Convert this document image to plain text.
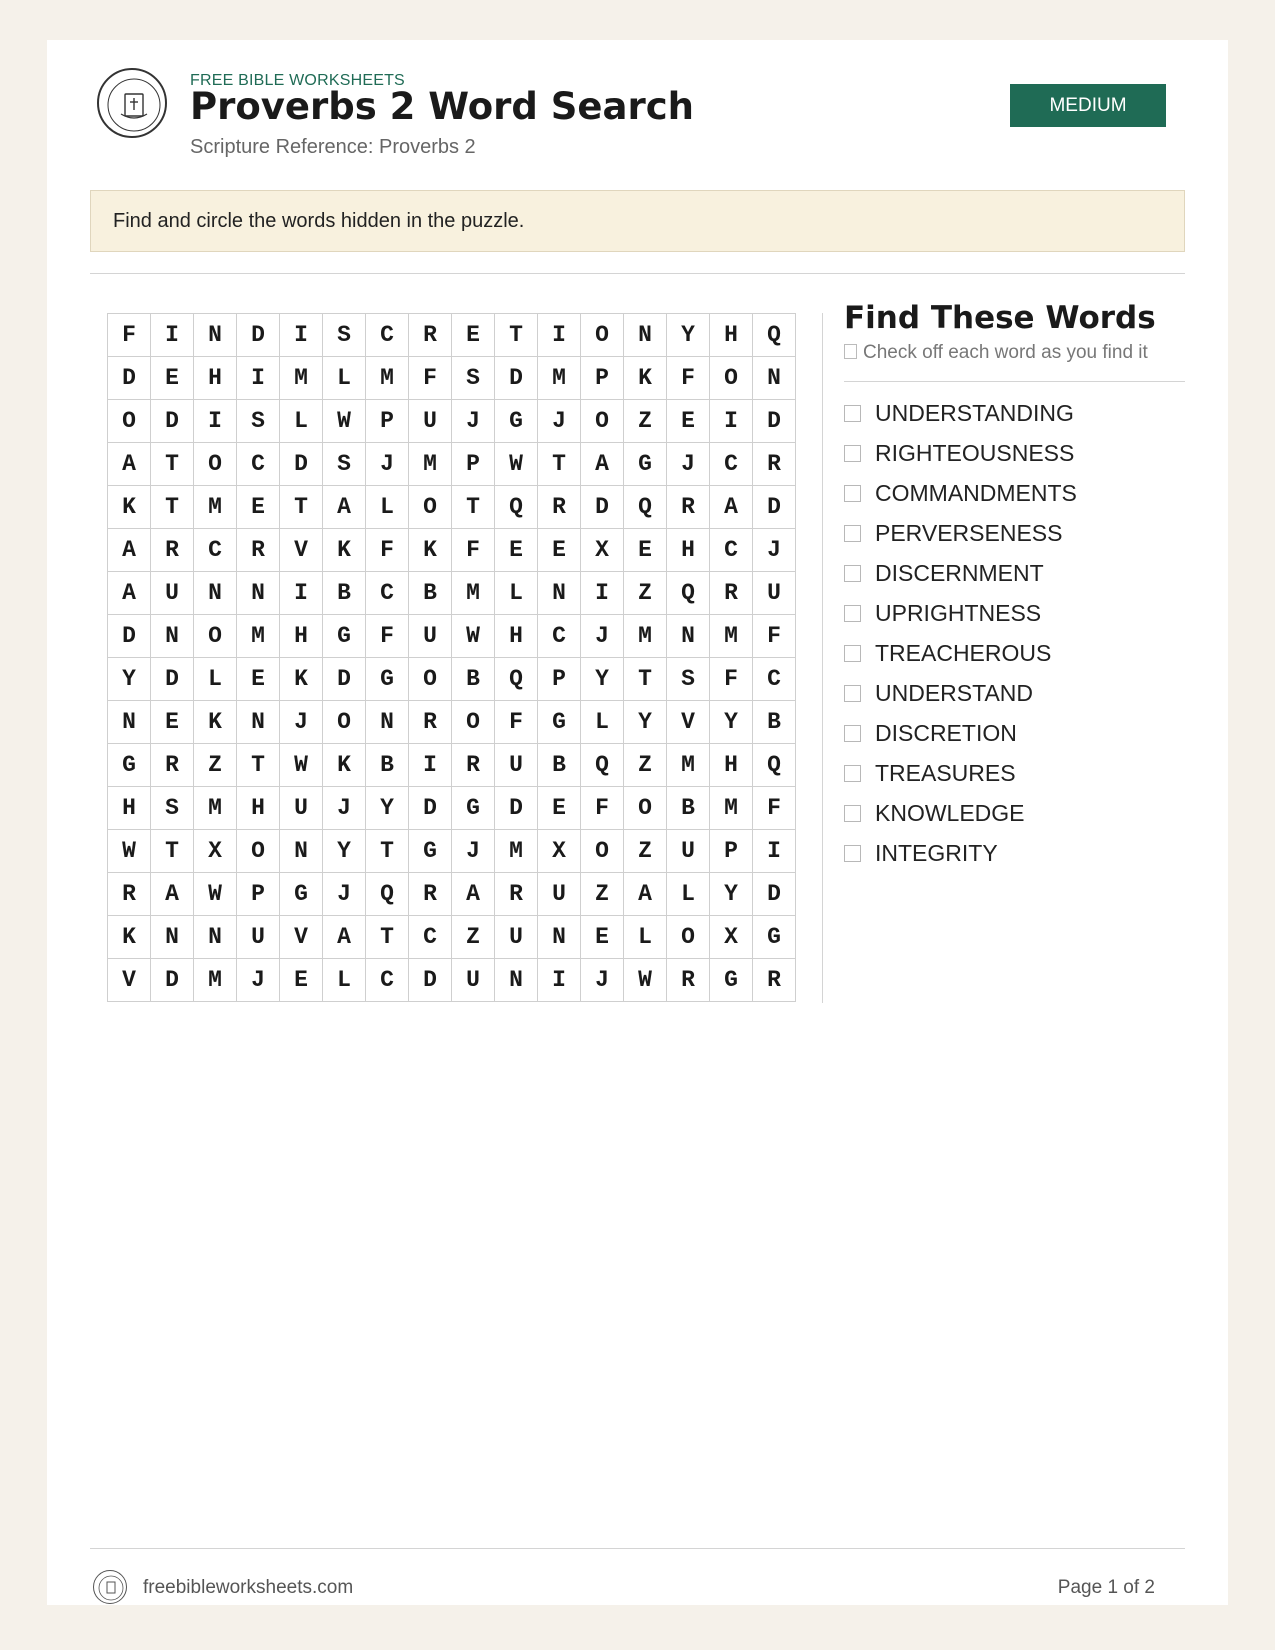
FREE BIBLE WORKSHEETS
Proverbs 2 Word Search
Scripture Reference: Proverbs 2
MEDIUM
Find and circle the words hidden in the puzzle.
F	I	N	D	I	S	C	R	E	T	I	O	N	Y	H	Q
D	E	H	I	M	L	M	F	S	D	M	P	K	F	O	N
O	D	I	S	L	W	P	U	J	G	J	O	Z	E	I	D
A	T	O	C	D	S	J	M	P	W	T	A	G	J	C	R
K	T	M	E	T	A	L	O	T	Q	R	D	Q	R	A	D
A	R	C	R	V	K	F	K	F	E	E	X	E	H	C	J
A	U	N	N	I	B	C	B	M	L	N	I	Z	Q	R	U
D	N	O	M	H	G	F	U	W	H	C	J	M	N	M	F
Y	D	L	E	K	D	G	O	B	Q	P	Y	T	S	F	C
N	E	K	N	J	O	N	R	O	F	G	L	Y	V	Y	B
G	R	Z	T	W	K	B	I	R	U	B	Q	Z	M	H	Q
H	S	M	H	U	J	Y	D	G	D	E	F	O	B	M	F
W	T	X	O	N	Y	T	G	J	M	X	O	Z	U	P	I
R	A	W	P	G	J	Q	R	A	R	U	Z	A	L	Y	D
K	N	N	U	V	A	T	C	Z	U	N	E	L	O	X	G
V	D	M	J	E	L	C	D	U	N	I	J	W	R	G	R
Find These Words
Check off each word as you find it
UNDERSTANDING
RIGHTEOUSNESS
COMMANDMENTS
PERVERSENESS
DISCERNMENT
UPRIGHTNESS
TREACHEROUS
UNDERSTAND
DISCRETION
TREASURES
KNOWLEDGE
INTEGRITY
freebibleworksheets.com	Page 1 of 2
